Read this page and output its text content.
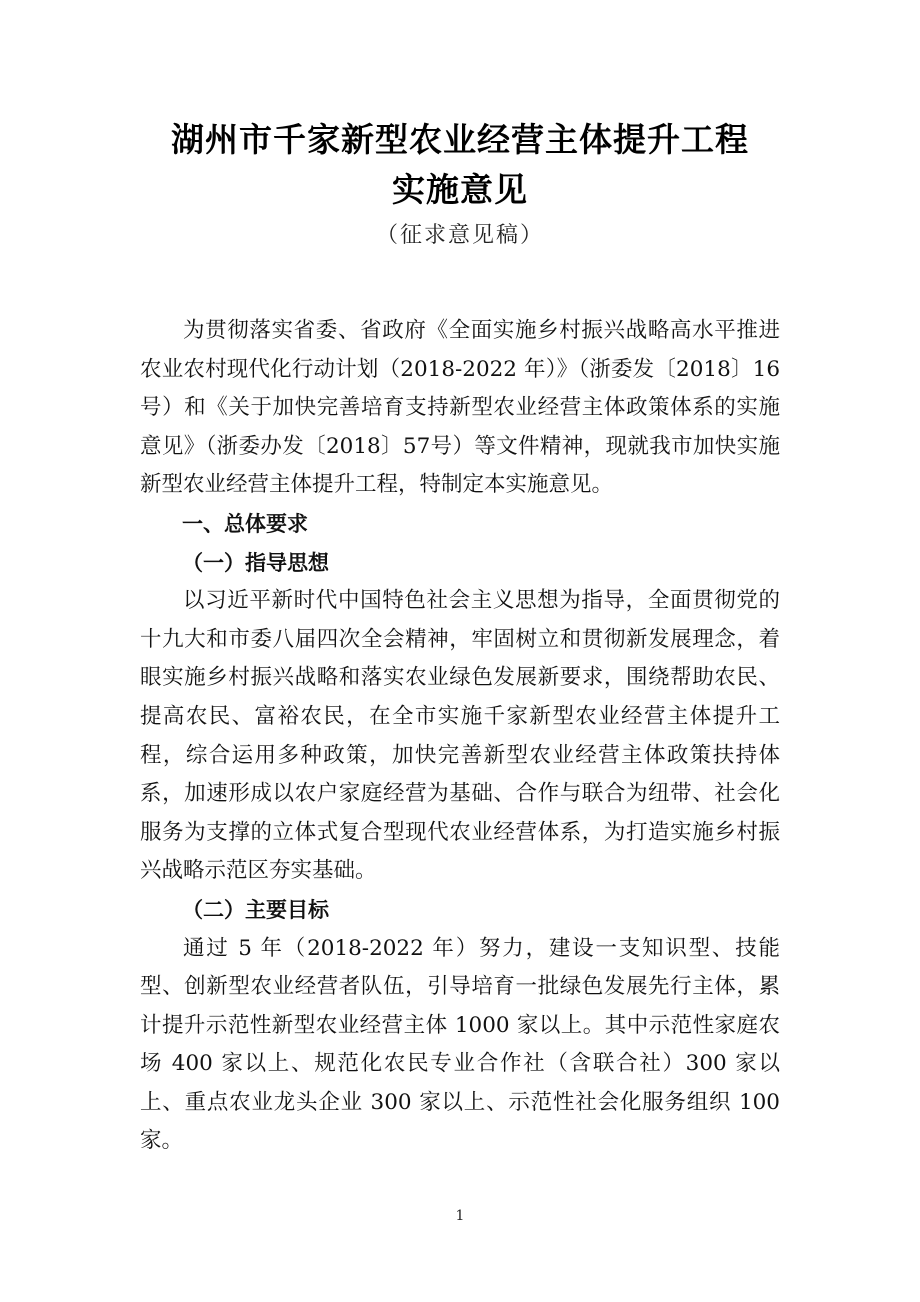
湖州市千家新型农业经营主体提升工程
实施意见
（征求意见稿）

为贯彻落实省委、省政府《全面实施乡村振兴战略高水平推进农业农村现代化行动计划（2018-2022 年）》（浙委发〔2018〕16号）和《关于加快完善培育支持新型农业经营主体政策体系的实施意见》（浙委办发〔2018〕57号）等文件精神，现就我市加快实施新型农业经营主体提升工程，特制定本实施意见。

一、总体要求

（一）指导思想

以习近平新时代中国特色社会主义思想为指导，全面贯彻党的十九大和市委八届四次全会精神，牢固树立和贯彻新发展理念，着眼实施乡村振兴战略和落实农业绿色发展新要求，围绕帮助农民、提高农民、富裕农民，在全市实施千家新型农业经营主体提升工程，综合运用多种政策，加快完善新型农业经营主体政策扶持体系，加速形成以农户家庭经营为基础、合作与联合为纽带、社会化服务为支撑的立体式复合型现代农业经营体系，为打造实施乡村振兴战略示范区夯实基础。

（二）主要目标

通过 5 年（2018-2022 年）努力，建设一支知识型、技能型、创新型农业经营者队伍，引导培育一批绿色发展先行主体，累计提升示范性新型农业经营主体 1000 家以上。其中示范性家庭农场 400 家以上、规范化农民专业合作社（含联合社）300 家以上、重点农业龙头企业 300 家以上、示范性社会化服务组织 100 家。

1
